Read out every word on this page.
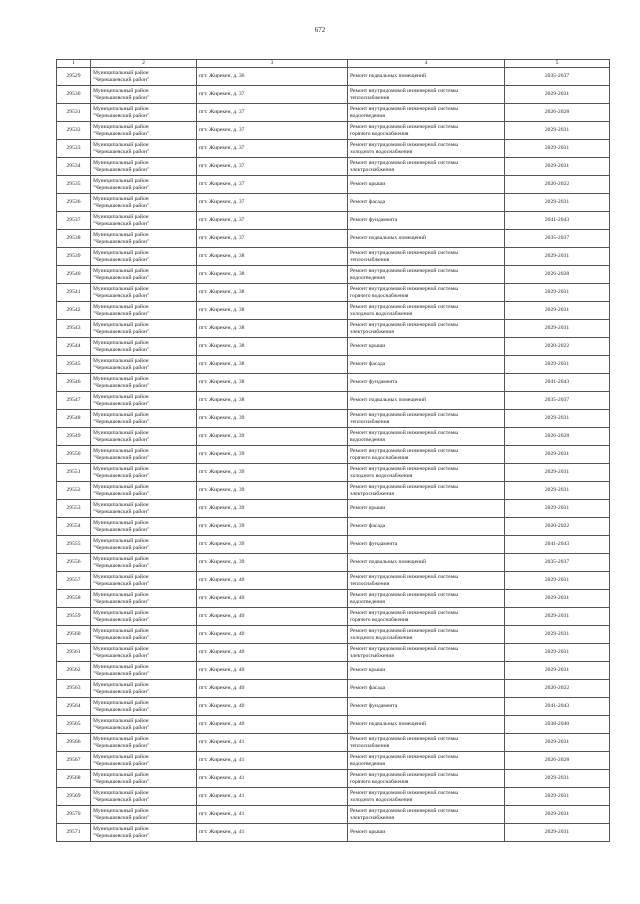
672
1	2	3	4	5
29529	Муниципальный район
"Чернышевский район"	пгт. Жирекен, д. 36	Ремонт подвальных помещений	2035-2037
29530	Муниципальный район
"Чернышевский район"	пгт. Жирекен, д. 37	Ремонт внутридомовой инженерной системы
теплоснабжения	2029-2031
29531	Муниципальный район
"Чернышевский район"	пгт. Жирекен, д. 37	Ремонт внутридомовой инженерной системы
водоотведения	2026-2028
29532	Муниципальный район
"Чернышевский район"	пгт. Жирекен, д. 37	Ремонт внутридомовой инженерной системы
горячего водоснабжения	2029-2031
29533	Муниципальный район
"Чернышевский район"	пгт. Жирекен, д. 37	Ремонт внутридомовой инженерной системы
холодного водоснабжения	2029-2031
29534	Муниципальный район
"Чернышевский район"	пгт. Жирекен, д. 37	Ремонт внутридомовой инженерной системы
электроснабжения	2029-2031
29535	Муниципальный район
"Чернышевский район"	пгт. Жирекен, д. 37	Ремонт крыши	2020-2022
29536	Муниципальный район
"Чернышевский район"	пгт. Жирекен, д. 37	Ремонт фасада	2029-2031
29537	Муниципальный район
"Чернышевский район"	пгт. Жирекен, д. 37	Ремонт фундамента	2041-2043
29538	Муниципальный район
"Чернышевский район"	пгт. Жирекен, д. 37	Ремонт подвальных помещений	2035-2037
29539	Муниципальный район
"Чернышевский район"	пгт. Жирекен, д. 38	Ремонт внутридомовой инженерной системы
теплоснабжения	2029-2031
29540	Муниципальный район
"Чернышевский район"	пгт. Жирекен, д. 38	Ремонт внутридомовой инженерной системы
водоотведения	2026-2028
29541	Муниципальный район
"Чернышевский район"	пгт. Жирекен, д. 38	Ремонт внутридомовой инженерной системы
горячего водоснабжения	2029-2031
29542	Муниципальный район
"Чернышевский район"	пгт. Жирекен, д. 38	Ремонт внутридомовой инженерной системы
холодного водоснабжения	2029-2031
29543	Муниципальный район
"Чернышевский район"	пгт. Жирекен, д. 38	Ремонт внутридомовой инженерной системы
электроснабжения	2029-2031
29544	Муниципальный район
"Чернышевский район"	пгт. Жирекен, д. 38	Ремонт крыши	2020-2022
29545	Муниципальный район
"Чернышевский район"	пгт. Жирекен, д. 38	Ремонт фасада	2029-2031
29546	Муниципальный район
"Чернышевский район"	пгт. Жирекен, д. 38	Ремонт фундамента	2041-2043
29547	Муниципальный район
"Чернышевский район"	пгт. Жирекен, д. 38	Ремонт подвальных помещений	2035-2037
29548	Муниципальный район
"Чернышевский район"	пгт. Жирекен, д. 39	Ремонт внутридомовой инженерной системы
теплоснабжения	2029-2031
29549	Муниципальный район
"Чернышевский район"	пгт. Жирекен, д. 39	Ремонт внутридомовой инженерной системы
водоотведения	2026-2028
29550	Муниципальный район
"Чернышевский район"	пгт. Жирекен, д. 39	Ремонт внутридомовой инженерной системы
горячего водоснабжения	2029-2031
29551	Муниципальный район
"Чернышевский район"	пгт. Жирекен, д. 39	Ремонт внутридомовой инженерной системы
холодного водоснабжения	2029-2031
29552	Муниципальный район
"Чернышевский район"	пгт. Жирекен, д. 39	Ремонт внутридомовой инженерной системы
электроснабжения	2029-2031
29553	Муниципальный район
"Чернышевский район"	пгт. Жирекен, д. 39	Ремонт крыши	2029-2031
29554	Муниципальный район
"Чернышевский район"	пгт. Жирекен, д. 39	Ремонт фасада	2020-2022
29555	Муниципальный район
"Чернышевский район"	пгт. Жирекен, д. 39	Ремонт фундамента	2041-2043
29556	Муниципальный район
"Чернышевский район"	пгт. Жирекен, д. 39	Ремонт подвальных помещений	2035-2037
29557	Муниципальный район
"Чернышевский район"	пгт. Жирекен, д. 40	Ремонт внутридомовой инженерной системы
теплоснабжения	2029-2031
29558	Муниципальный район
"Чернышевский район"	пгт. Жирекен, д. 40	Ремонт внутридомовой инженерной системы
водоотведения	2029-2031
29559	Муниципальный район
"Чернышевский район"	пгт. Жирекен, д. 40	Ремонт внутридомовой инженерной системы
горячего водоснабжения	2029-2031
29560	Муниципальный район
"Чернышевский район"	пгт. Жирекен, д. 40	Ремонт внутридомовой инженерной системы
холодного водоснабжения	2029-2031
29561	Муниципальный район
"Чернышевский район"	пгт. Жирекен, д. 40	Ремонт внутридомовой инженерной системы
электроснабжения	2029-2031
29562	Муниципальный район
"Чернышевский район"	пгт. Жирекен, д. 40	Ремонт крыши	2029-2031
29563	Муниципальный район
"Чернышевский район"	пгт. Жирекен, д. 40	Ремонт фасада	2020-2022
29564	Муниципальный район
"Чернышевский район"	пгт. Жирекен, д. 40	Ремонт фундамента	2041-2043
29565	Муниципальный район
"Чернышевский район"	пгт. Жирекен, д. 40	Ремонт подвальных помещений	2038-2040
29566	Муниципальный район
"Чернышевский район"	пгт. Жирекен, д. 41	Ремонт внутридомовой инженерной системы
теплоснабжения	2029-2031
29567	Муниципальный район
"Чернышевский район"	пгт. Жирекен, д. 41	Ремонт внутридомовой инженерной системы
водоотведения	2026-2028
29568	Муниципальный район
"Чернышевский район"	пгт. Жирекен, д. 41	Ремонт внутридомовой инженерной системы
горячего водоснабжения	2029-2031
29569	Муниципальный район
"Чернышевский район"	пгт. Жирекен, д. 41	Ремонт внутридомовой инженерной системы
холодного водоснабжения	2029-2031
29570	Муниципальный район
"Чернышевский район"	пгт. Жирекен, д. 41	Ремонт внутридомовой инженерной системы
электроснабжения	2029-2031
29571	Муниципальный район
"Чернышевский район"	пгт. Жирекен, д. 41	Ремонт крыши	2029-2031
